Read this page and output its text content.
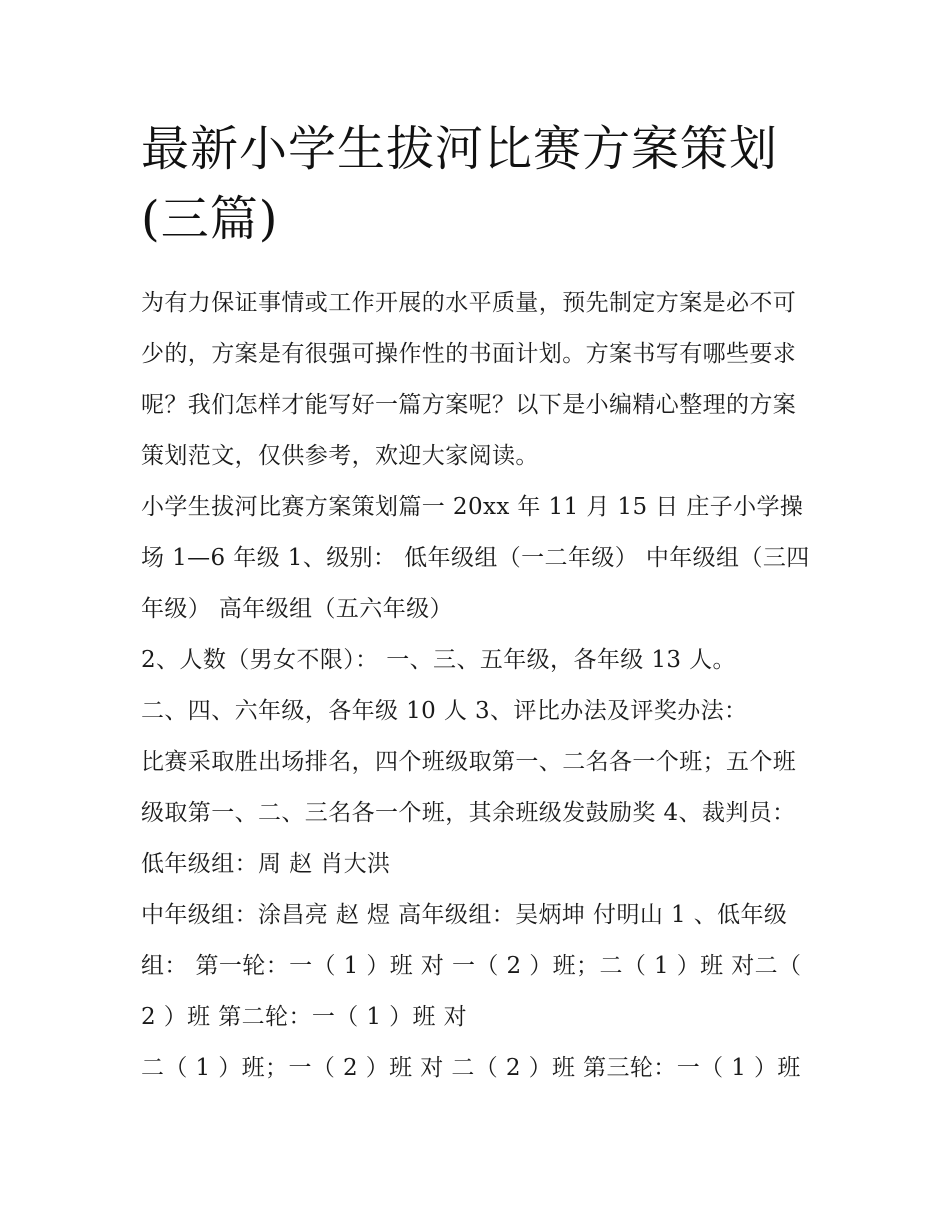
最新小学生拔河比赛方案策划(三篇)

为有力保证事情或工作开展的水平质量，预先制定方案是必不可少的，方案是有很强可操作性的书面计划。方案书写有哪些要求呢？我们怎样才能写好一篇方案呢？以下是小编精心整理的方案策划范文，仅供参考，欢迎大家阅读。

小学生拔河比赛方案策划篇一 20xx 年 11 月 15 日 庄子小学操场 1—6 年级 1、级别： 低年级组（一二年级） 中年级组（三四年级） 高年级组（五六年级）

2、人数（男女不限）： 一、三、五年级，各年级 13 人。

二、四、六年级，各年级 10 人 3、评比办法及评奖办法：

比赛采取胜出场排名，四个班级取第一、二名各一个班；五个班级取第一、二、三名各一个班，其余班级发鼓励奖 4、裁判员： 低年级组：周 赵 肖大洪

中年级组：涂昌亮 赵 煜 高年级组：吴炳坤 付明山 1 、低年级组： 第一轮：一（ 1 ）班 对 一（ 2 ）班；二（ 1 ）班 对二（ 2 ）班 第二轮：一（ 1 ）班 对

二（ 1 ）班；一（ 2 ）班 对 二（ 2 ）班 第三轮：一（ 1 ）班
